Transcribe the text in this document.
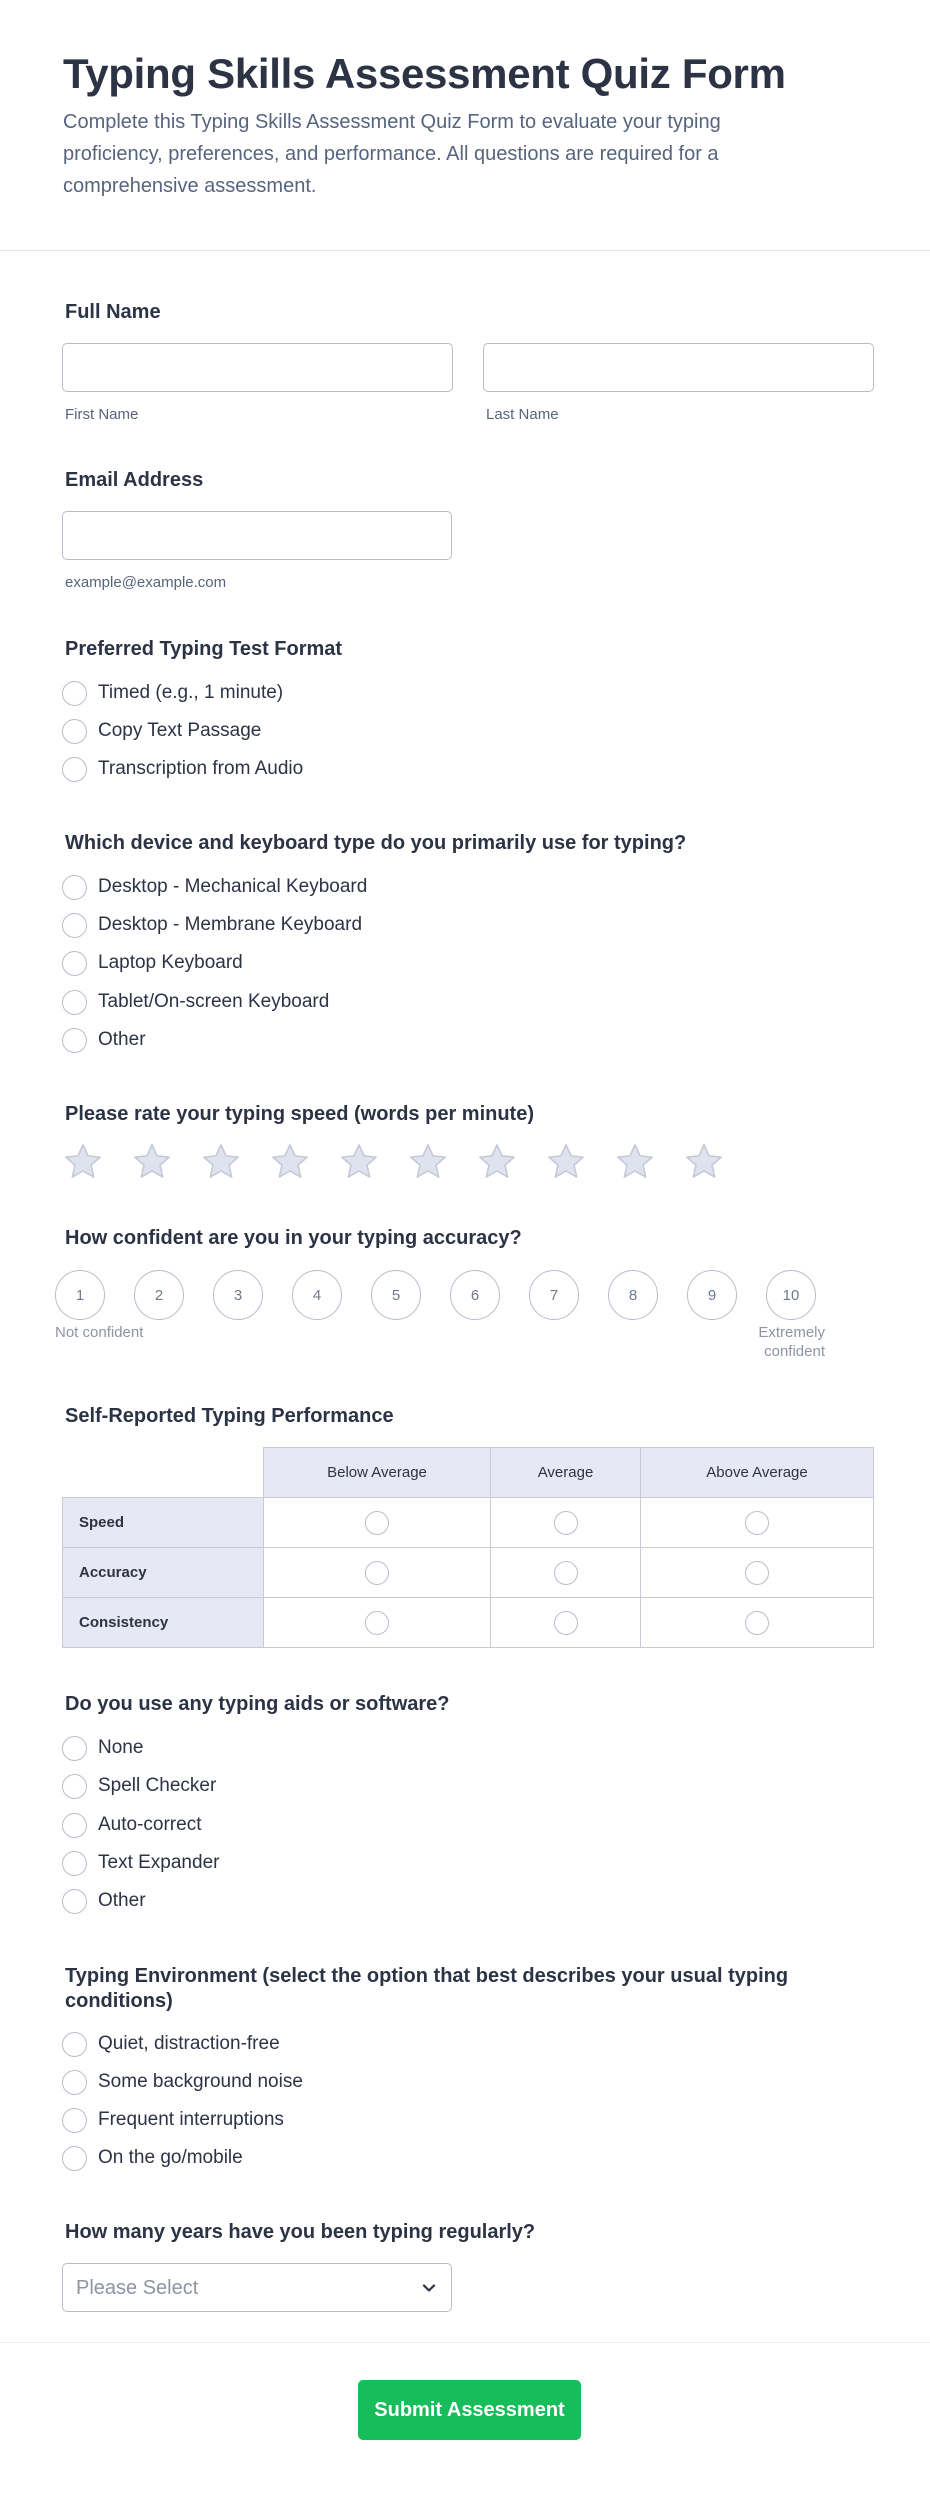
Typing Skills Assessment Quiz Form

Complete this Typing Skills Assessment Quiz Form to evaluate your typing proficiency, preferences, and performance. All questions are required for a comprehensive assessment.

Full Name
First Name	Last Name
Email Address
example@example.com
Preferred Typing Test Format
Timed (e.g., 1 minute)
Copy Text Passage
Transcription from Audio
Which device and keyboard type do you primarily use for typing?
Desktop - Mechanical Keyboard
Desktop - Membrane Keyboard
Laptop Keyboard
Tablet/On-screen Keyboard
Other
Please rate your typing speed (words per minute)
How confident are you in your typing accuracy?
1	2	3	4	5	6	7	8	9	10
Not confident	Extremely
confident
Self-Reported Typing Performance
	Below Average	Average	Above Average
Speed			
Accuracy			
Consistency			
Do you use any typing aids or software?
None
Spell Checker
Auto-correct
Text Expander
Other
Typing Environment (select the option that best describes your usual typing conditions)
Quiet, distraction-free
Some background noise
Frequent interruptions
On the go/mobile
How many years have you been typing regularly?
Please Select
Submit Assessment
